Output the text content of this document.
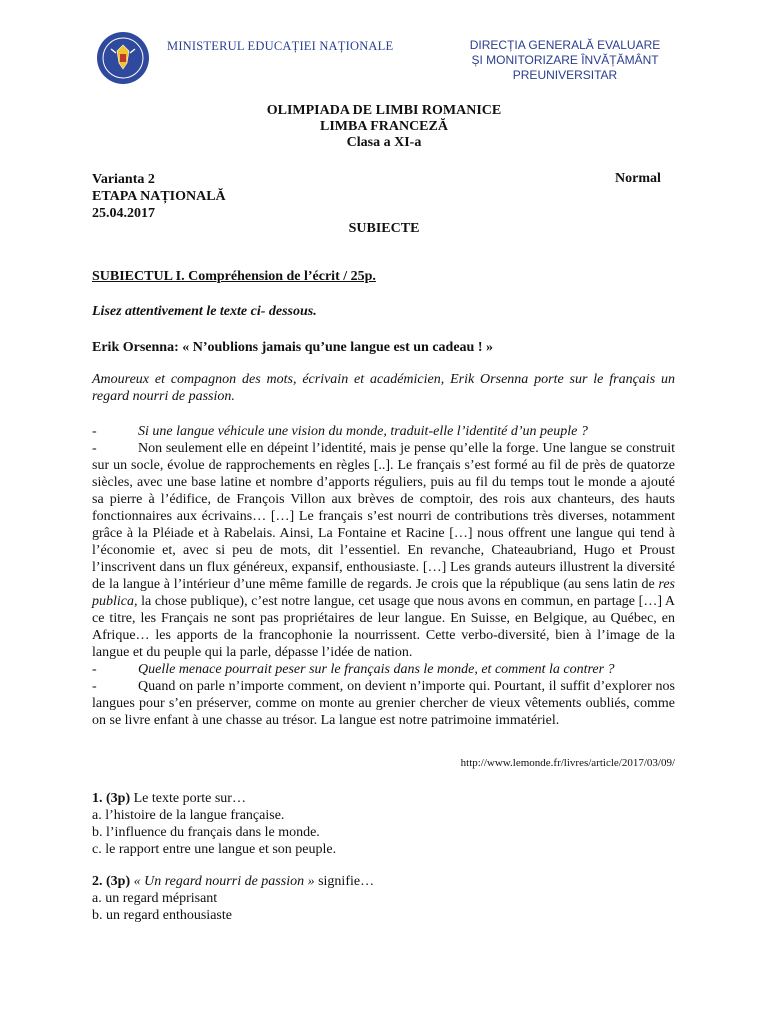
MINISTERUL EDUCAȚIEI NAȚIONALE	DIRECȚIA GENERALĂ EVALUARE
ȘI MONITORIZARE ÎNVĂȚĂMÂNT
PREUNIVERSITAR
OLIMPIADA DE LIMBI ROMANICE
LIMBA FRANCEZĂ
Clasa a XI-a
Varianta 2
ETAPA NAȚIONALĂ
25.04.2017
Normal
SUBIECTE
SUBIECTUL I. Compréhension de l’écrit / 25p.
Lisez attentivement le texte ci- dessous.
Erik Orsenna: « N’oublions jamais qu’une langue est un cadeau ! »
Amoureux et compagnon des mots, écrivain et académicien, Erik Orsenna porte sur le français un regard nourri de passion.

-	Si une langue véhicule une vision du monde, traduit-elle l’identité d’un peuple ?

-	Non seulement elle en dépeint l’identité, mais je pense qu’elle la forge. Une langue se construit sur un socle, évolue de rapprochements en règles [..]. Le français s’est formé au fil de près de quatorze siècles, avec une base latine et nombre d’apports réguliers, puis au fil du temps tout le monde a ajouté sa pierre à l’édifice, de François Villon aux brèves de comptoir, des rois aux chanteurs, des hauts fonctionnaires aux écrivains… […] Le français s’est nourri de contributions très diverses, notamment grâce à la Pléiade et à Rabelais. Ainsi, La Fontaine et Racine […] nous offrent une langue qui tend à l’économie et, avec si peu de mots, dit l’essentiel. En revanche, Chateaubriand, Hugo et Proust l’inscrivent dans un flux généreux, expansif, enthousiaste. […] Les grands auteurs illustrent la diversité de la langue à l’intérieur d’une même famille de regards. Je crois que la république (au sens latin de res publica, la chose publique), c’est notre langue, cet usage que nous avons en commun, en partage […] A ce titre, les Français ne sont pas propriétaires de leur langue. En Suisse, en Belgique, au Québec, en Afrique… les apports de la francophonie la nourrissent. Cette verbo-diversité, bien à l’image de la langue et du peuple qui la parle, dépasse l’idée de nation.

-	Quelle menace pourrait peser sur le français dans le monde, et comment la contrer ?

-	Quand on parle n’importe comment, on devient n’importe qui. Pourtant, il suffit d’explorer nos langues pour s’en préserver, comme on monte au grenier chercher de vieux vêtements oubliés, comme on se livre enfant à une chasse au trésor. La langue est notre patrimoine immatériel.

http://www.lemonde.fr/livres/article/2017/03/09/
1. (3p) Le texte porte sur…
a. l’histoire de la langue française.
b. l’influence du français dans le monde.
c. le rapport entre une langue et son peuple.
2. (3p) « Un regard nourri de passion » signifie…
a. un regard méprisant
b. un regard enthousiaste
